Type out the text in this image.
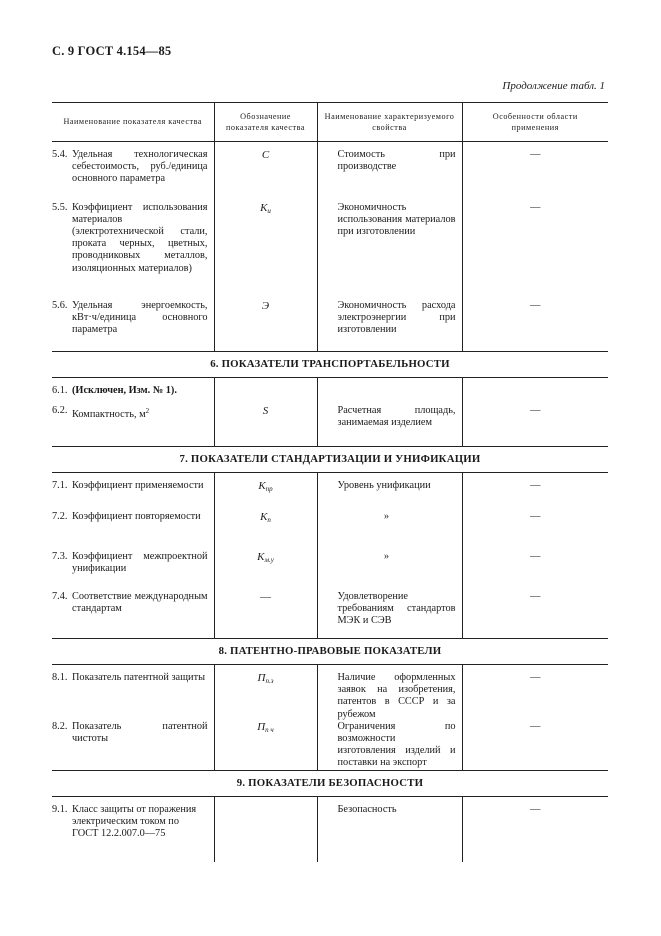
С. 9 ГОСТ 4.154—85
Продолжение табл. 1
Наименование показателя качества	Обозначение показателя качества	Наименование характеризуемого свойства	Особенности области применения

5.4. Удельная технологическая себестоимость, руб./единица основного параметра	C	Стоимость при производстве	—

5.5. Коэффициент использования материалов (электротехнической стали, проката черных, цветных, проводниковых металлов, изоляционных материалов)	$K_и$	Экономичность использования материалов при изготовлении	—

5.6. Удельная энергоемкость, кВт·ч/единица основного параметра	Э	Экономичность расхода электроэнергии при изготовлении	—
6. ПОКАЗАТЕЛИ ТРАНСПОРТАБЕЛЬНОСТИ			

6.1. (Исключен, Изм. № 1).			

6.2. Компактность, $м^2$	S	Расчетная площадь, занимаемая изделием	—
7. ПОКАЗАТЕЛИ СТАНДАРТИЗАЦИИ И УНИФИКАЦИИ			

7.1. Коэффициент применяемости	$K_{пр}$	Уровень унификации	—

7.2. Коэффициент повторяемости	$K_п$	»	—

7.3. Коэффициент межпроектной унификации	$K_{м.у}$	»	—

7.4. Соответствие международным стандартам	—	Удовлетворение требованиям стандартов МЭК и СЭВ	—
8. ПАТЕНТНО-ПРАВОВЫЕ ПОКАЗАТЕЛИ			

8.1. Показатель патентной защиты	$П_{п.з}$	Наличие оформленных заявок на изобретения, патентов в СССР и за рубежом	—

8.2. Показатель патентной чистоты	$П_{п ч}$	Ограничения по возможности изготовления изделий и поставки на экспорт	—
9. ПОКАЗАТЕЛИ БЕЗОПАСНОСТИ			

9.1. Класс защиты от поражения электрическим током по ГОСТ 12.2.007.0—75		Безопасность	—
